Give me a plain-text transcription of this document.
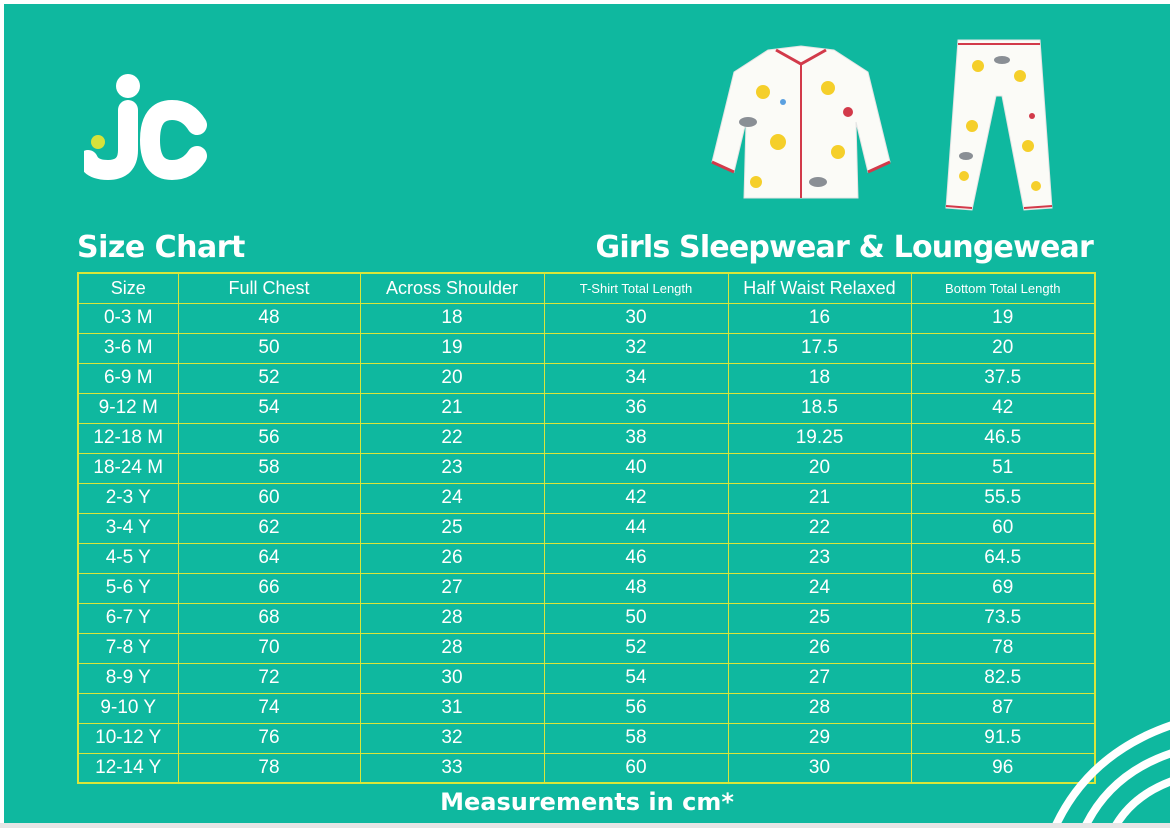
Size Chart	Girls Sleepwear & Loungewear
Size	Full Chest	Across Shoulder	T-Shirt Total Length	Half Waist Relaxed	Bottom Total Length
0-3 M	48	18	30	16	19
3-6 M	50	19	32	17.5	20
6-9 M	52	20	34	18	37.5
9-12 M	54	21	36	18.5	42
12-18 M	56	22	38	19.25	46.5
18-24 M	58	23	40	20	51
2-3 Y	60	24	42	21	55.5
3-4 Y	62	25	44	22	60
4-5 Y	64	26	46	23	64.5
5-6 Y	66	27	48	24	69
6-7 Y	68	28	50	25	73.5
7-8 Y	70	28	52	26	78
8-9 Y	72	30	54	27	82.5
9-10 Y	74	31	56	28	87
10-12 Y	76	32	58	29	91.5
12-14 Y	78	33	60	30	96
Measurements in cm*
